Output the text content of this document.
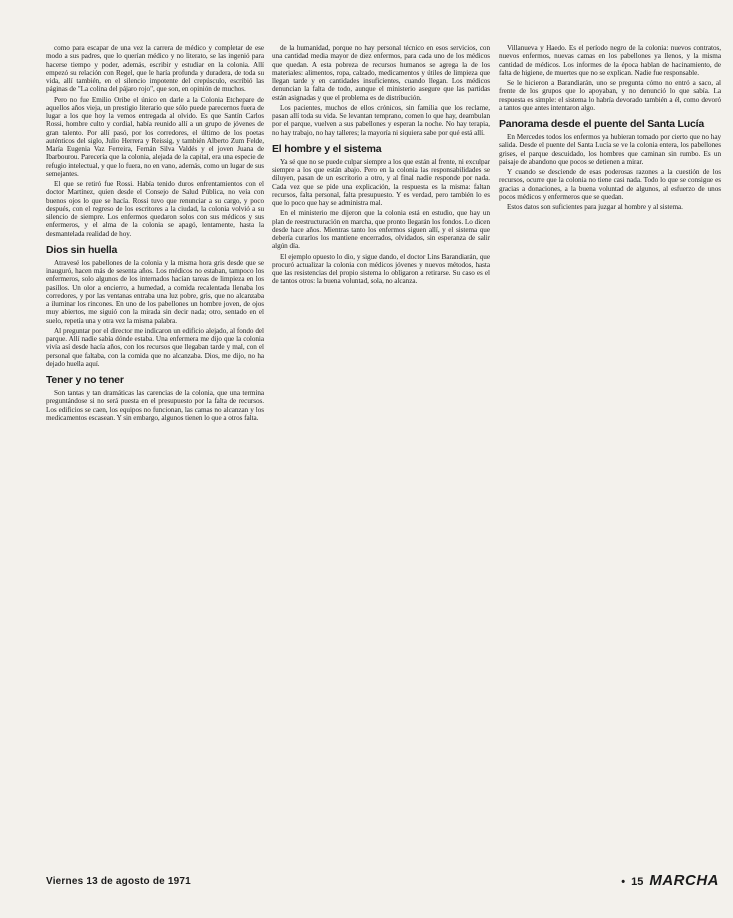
como para escapar de una vez la carrera de médico y completar de ese modo a sus padres, que lo querían médico y no literato, se las ingenió para hacerse tiempo y poder, además, escribir y estudiar en la colonia. Allí empezó su relación con Regel, que le haría profunda y duradera, de toda su vida, allí también, en el silencio impotente del crepúsculo, escribió las páginas de "La colina del pájaro rojo", que son, en opinión de muchos.

Pero no fue Emilio Oribe el único en darle a la Colonia Etchepare de aquellos años vieja, un prestigio literario que sólo puede parecernos fuera de lugar a los que hoy la vemos entregada al olvido. Es que Santín Carlos Rossi, hombre culto y cordial, había reunido allí a un grupo de jóvenes de gran talento. Por allí pasó, por los corredores, el último de los poetas auténticos del siglo, Julio Herrera y Reissig, y también Alberto Zum Felde, María Eugenia Vaz Ferreira, Fernán Silva Valdés y el joven Juana de Ibarbourou. Parecería que la colonia, alejada de la capital, era una especie de refugio intelectual, y que lo fuera, no en vano, además, como un lugar de sus semejantes.

El que se retiró fue Rossi. Había tenido duros enfrentamientos con el doctor Martínez, quien desde el Consejo de Salud Pública, no veía con buenos ojos lo que se hacía. Rossi tuvo que renunciar a su cargo, y poco después, con el regreso de los escritores a la ciudad, la colonia volvió a su silencio de siempre. Los enfermos quedaron solos con sus médicos y sus enfermeros, y el alma de la colonia se apagó, lentamente, hasta la desmantelada realidad de hoy.

Dios sin huella

Atravesé los pabellones de la colonia y la misma hora gris desde que se inauguró, hacen más de sesenta años. Los médicos no estaban, tampoco los enfermeros, solo algunos de los internados hacían tareas de limpieza en los pasillos. Un olor a encierro, a humedad, a comida recalentada llenaba los corredores, y por las ventanas entraba una luz pobre, gris, que no alcanzaba a iluminar los rincones. En uno de los pabellones un hombre joven, de ojos muy abiertos, me siguió con la mirada sin decir nada; otro, sentado en el suelo, repetía una y otra vez la misma palabra.

Al preguntar por el director me indicaron un edificio alejado, al fondo del parque. Allí nadie sabía dónde estaba. Una enfermera me dijo que la colonia vivía así desde hacía años, con los recursos que llegaban tarde y mal, con el personal que faltaba, con la comida que no alcanzaba. Dios, me dijo, no ha dejado huella aquí.

Tener y no tener

Son tantas y tan dramáticas las carencias de la colonia, que una termina preguntándose si no será puesta en el presupuesto por la falta de recursos. Los edificios se caen, los equipos no funcionan, las camas no alcanzan y los medicamentos escasean. Y sin embargo, algunos tienen lo que a otros falta.

de la humanidad, porque no hay personal técnico en esos servicios, con una cantidad media mayor de diez enfermos, para cada uno de los médicos que quedan. A esta pobreza de recursos humanos se agrega la de los materiales: alimentos, ropa, calzado, medicamentos y útiles de limpieza que llegan tarde y en cantidades insuficientes, cuando llegan. Los médicos denuncian la falta de todo, aunque el ministerio asegure que las partidas están asignadas y que el problema es de distribución.

Los pacientes, muchos de ellos crónicos, sin familia que los reclame, pasan allí toda su vida. Se levantan temprano, comen lo que hay, deambulan por el parque, vuelven a sus pabellones y esperan la noche. No hay terapia, no hay trabajo, no hay talleres; la mayoría ni siquiera sabe por qué está allí.

El hombre y el sistema

Ya sé que no se puede culpar siempre a los que están al frente, ni exculpar siempre a los que están abajo. Pero en la colonia las responsabilidades se diluyen, pasan de un escritorio a otro, y al final nadie responde por nada. Cada vez que se pide una explicación, la respuesta es la misma: faltan recursos, falta personal, falta presupuesto. Y es verdad, pero también lo es que lo poco que hay se administra mal.

En el ministerio me dijeron que la colonia está en estudio, que hay un plan de reestructuración en marcha, que pronto llegarán los fondos. Lo dicen desde hace años. Mientras tanto los enfermos siguen allí, y el sistema que debería curarlos los mantiene encerrados, olvidados, sin esperanza de salir algún día.

El ejemplo opuesto lo dio, y sigue dando, el doctor Lins Barandiarán, que procuró actualizar la colonia con médicos jóvenes y nuevos métodos, hasta que las resistencias del propio sistema lo obligaron a retirarse. Su caso es el de tantos otros: la buena voluntad, sola, no alcanza.

Villanueva y Haedo. Es el período negro de la colonia: nuevos contratos, nuevos enfermos, nuevas camas en los pabellones ya llenos, y la misma cantidad de médicos. Los informes de la época hablan de hacinamiento, de falta de higiene, de muertes que no se explican. Nadie fue responsable.

Se le hicieron a Barandiarán, uno se pregunta cómo no entró a saco, al frente de los grupos que lo apoyaban, y no denunció lo que sabía. La respuesta es simple: el sistema lo habría devorado también a él, como devoró a tantos que antes intentaron algo.

Panorama desde el puente del Santa Lucía

En Mercedes todos los enfermos ya hubieran tomado por cierto que no hay salida. Desde el puente del Santa Lucía se ve la colonia entera, los pabellones grises, el parque descuidado, los hombres que caminan sin rumbo. Es un paisaje de abandono que pocos se detienen a mirar.

Y cuando se desciende de esas poderosas razones a la cuestión de los recursos, ocurre que la colonia no tiene casi nada. Todo lo que se consigue es gracias a donaciones, a la buena voluntad de algunos, al esfuerzo de unos pocos médicos y enfermeros que se quedan.

Estos datos son suficientes para juzgar al hombre y al sistema.

Viernes 13 de agosto de 1971	• 15 MARCHA
